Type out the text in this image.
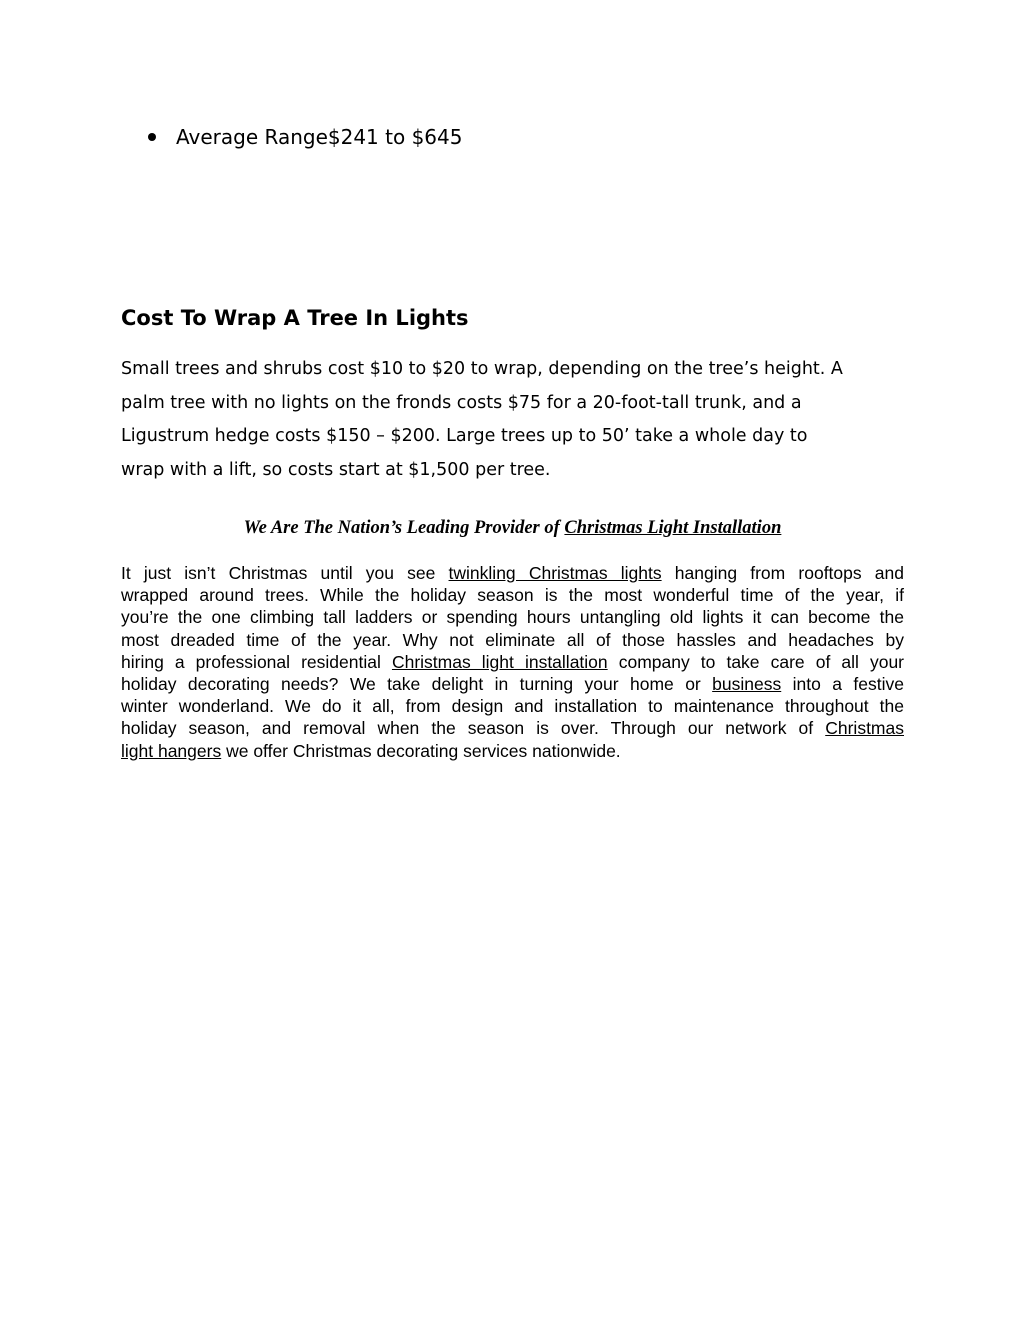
Average Range$241 to $645
Cost To Wrap A Tree In Lights

Small trees and shrubs cost $10 to $20 to wrap, depending on the tree’s height. A
palm tree with no lights on the fronds costs $75 for a 20-foot-tall trunk, and a
Ligustrum hedge costs $150 – $200. Large trees up to 50’ take a whole day to
wrap with a lift, so costs start at $1,500 per tree.

We Are The Nation’s Leading Provider of Christmas Light Installation

It just isn’t Christmas until you see twinkling Christmas lights hanging from rooftops and
wrapped around trees. While the holiday season is the most wonderful time of the year, if
you’re the one climbing tall ladders or spending hours untangling old lights it can become the
most dreaded time of the year. Why not eliminate all of those hassles and headaches by
hiring a professional residential Christmas light installation company to take care of all your
holiday decorating needs? We take delight in turning your home or business into a festive
winter wonderland. We do it all, from design and installation to maintenance throughout the
holiday season, and removal when the season is over. Through our network of Christmas
light hangers we offer Christmas decorating services nationwide.
